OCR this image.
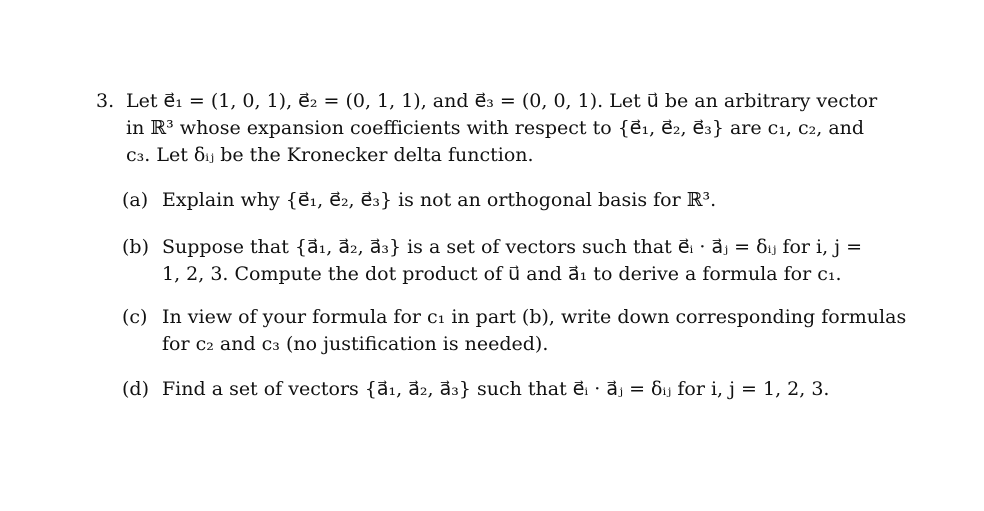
3. Let e⃗₁ = (1, 0, 1), e⃗₂ = (0, 1, 1), and e⃗₃ = (0, 0, 1). Let u⃗ be an arbitrary vector
in ℝ³ whose expansion coefficients with respect to {e⃗₁, e⃗₂, e⃗₃} are c₁, c₂, and
c₃. Let δᵢⱼ be the Kronecker delta function.
(a) Explain why {e⃗₁, e⃗₂, e⃗₃} is not an orthogonal basis for ℝ³.
(b) Suppose that {a⃗₁, a⃗₂, a⃗₃} is a set of vectors such that e⃗ᵢ · a⃗ⱼ = δᵢⱼ for i, j =
1, 2, 3. Compute the dot product of u⃗ and a⃗₁ to derive a formula for c₁.
(c) In view of your formula for c₁ in part (b), write down corresponding formulas
for c₂ and c₃ (no justification is needed).
(d) Find a set of vectors {a⃗₁, a⃗₂, a⃗₃} such that e⃗ᵢ · a⃗ⱼ = δᵢⱼ for i, j = 1, 2, 3.
